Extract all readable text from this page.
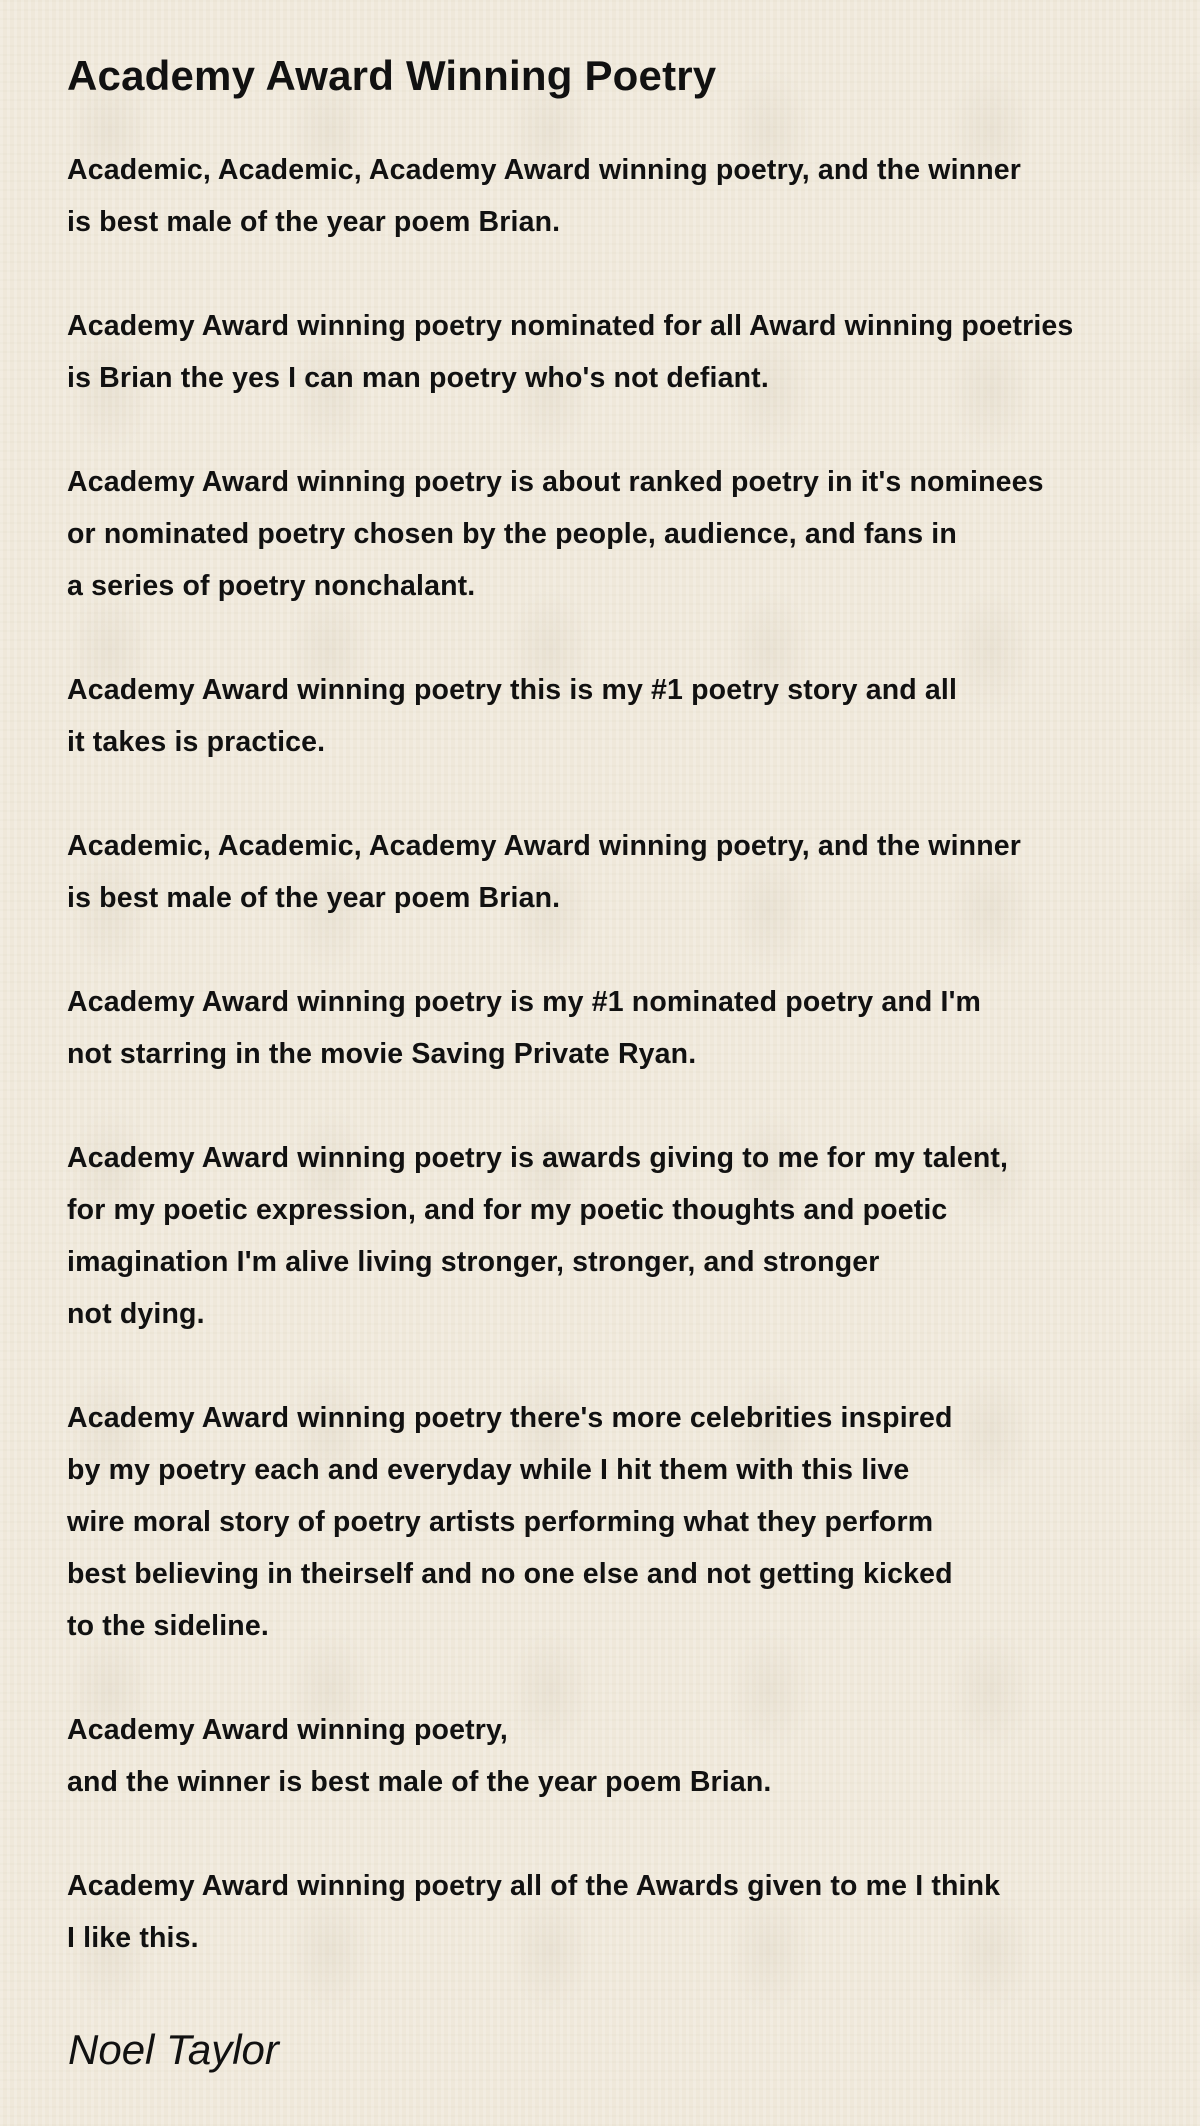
Academy Award Winning Poetry
Academic, Academic, Academy Award winning poetry, and the winner
is best male of the year poem Brian.
Academy Award winning poetry nominated for all Award winning poetries
is Brian the yes I can man poetry who's not defiant.
Academy Award winning poetry is about ranked poetry in it's nominees
or nominated poetry chosen by the people, audience, and fans in
a series of poetry nonchalant.
Academy Award winning poetry this is my #1 poetry story and all
it takes is practice.
Academic, Academic, Academy Award winning poetry, and the winner
is best male of the year poem Brian.
Academy Award winning poetry is my #1 nominated poetry and I'm
not starring in the movie Saving Private Ryan.
Academy Award winning poetry is awards giving to me for my talent,
for my poetic expression, and for my poetic thoughts and poetic
imagination I'm alive living stronger, stronger, and stronger
not dying.
Academy Award winning poetry there's more celebrities inspired
by my poetry each and everyday while I hit them with this live
wire moral story of poetry artists performing what they perform
best believing in theirself and no one else and not getting kicked
to the sideline.
Academy Award winning poetry,
and the winner is best male of the year poem Brian.
Academy Award winning poetry all of the Awards given to me I think
I like this.
Noel Taylor
